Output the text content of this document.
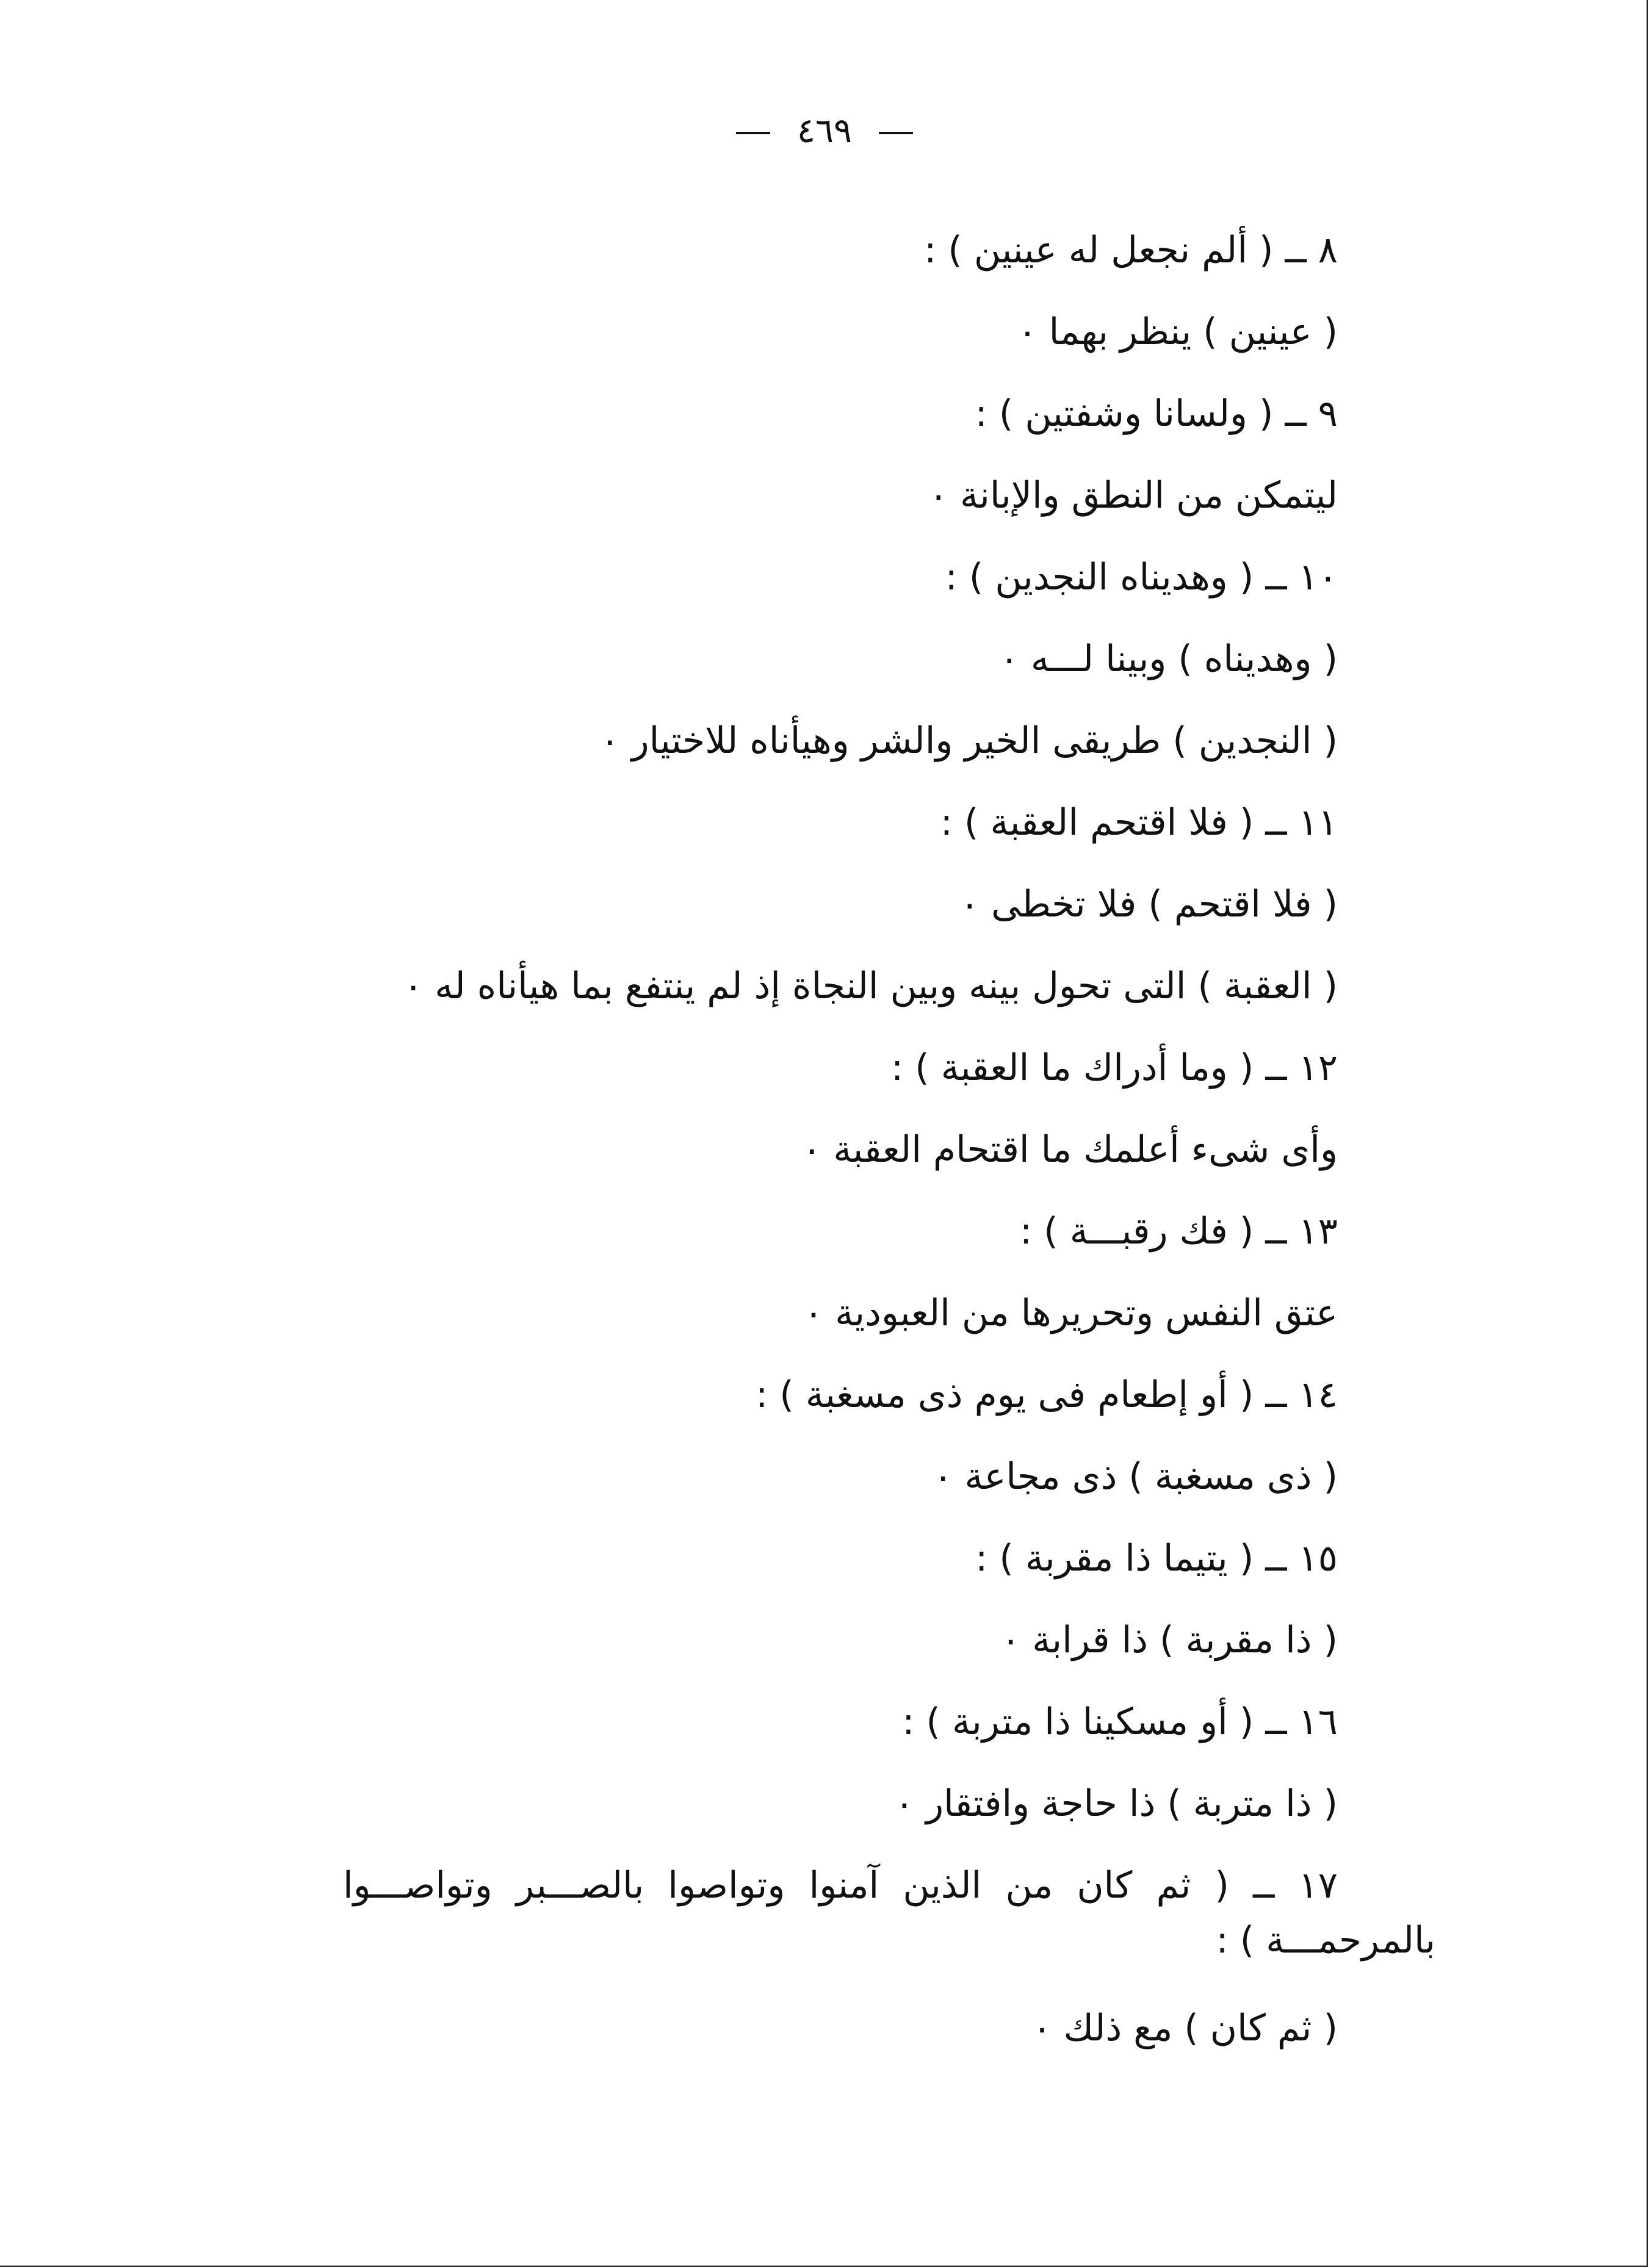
٤٦٩
٨ ــ ( ألم نجعل له عينين ) :
( عينين ) ينظر بهما ٠
٩ ــ ( ولسانا وشفتين ) :
ليتمكن من النطق والإبانة ٠
١٠ ــ ( وهديناه النجدين ) :
( وهديناه ) وبينا لـــه ٠
( النجدين ) طريقى الخير والشر وهيأناه للاختيار ٠
١١ ــ ( فلا اقتحم العقبة ) :
( فلا اقتحم ) فلا تخطى ٠
( العقبة ) التى تحول بينه وبين النجاة إذ لم ينتفع بما هيأناه له ٠
١٢ ــ ( وما أدراك ما العقبة ) :
وأى شىء أعلمك ما اقتحام العقبة ٠
١٣ ــ ( فك رقبـــة ) :
عتق النفس وتحريرها من العبودية ٠
١٤ ــ ( أو إطعام فى يوم ذى مسغبة ) :
( ذى مسغبة ) ذى مجاعة ٠
١٥ ــ ( يتيما ذا مقربة ) :
( ذا مقربة ) ذا قرابة ٠
١٦ ــ ( أو مسكينا ذا متربة ) :
( ذا متربة ) ذا حاجة وافتقار ٠
١٧ ــ ( ثم كان من الذين آمنوا وتواصوا بالصـــبر وتواصـــوا
بالمرحمـــة ) :
( ثم كان ) مع ذلك ٠
